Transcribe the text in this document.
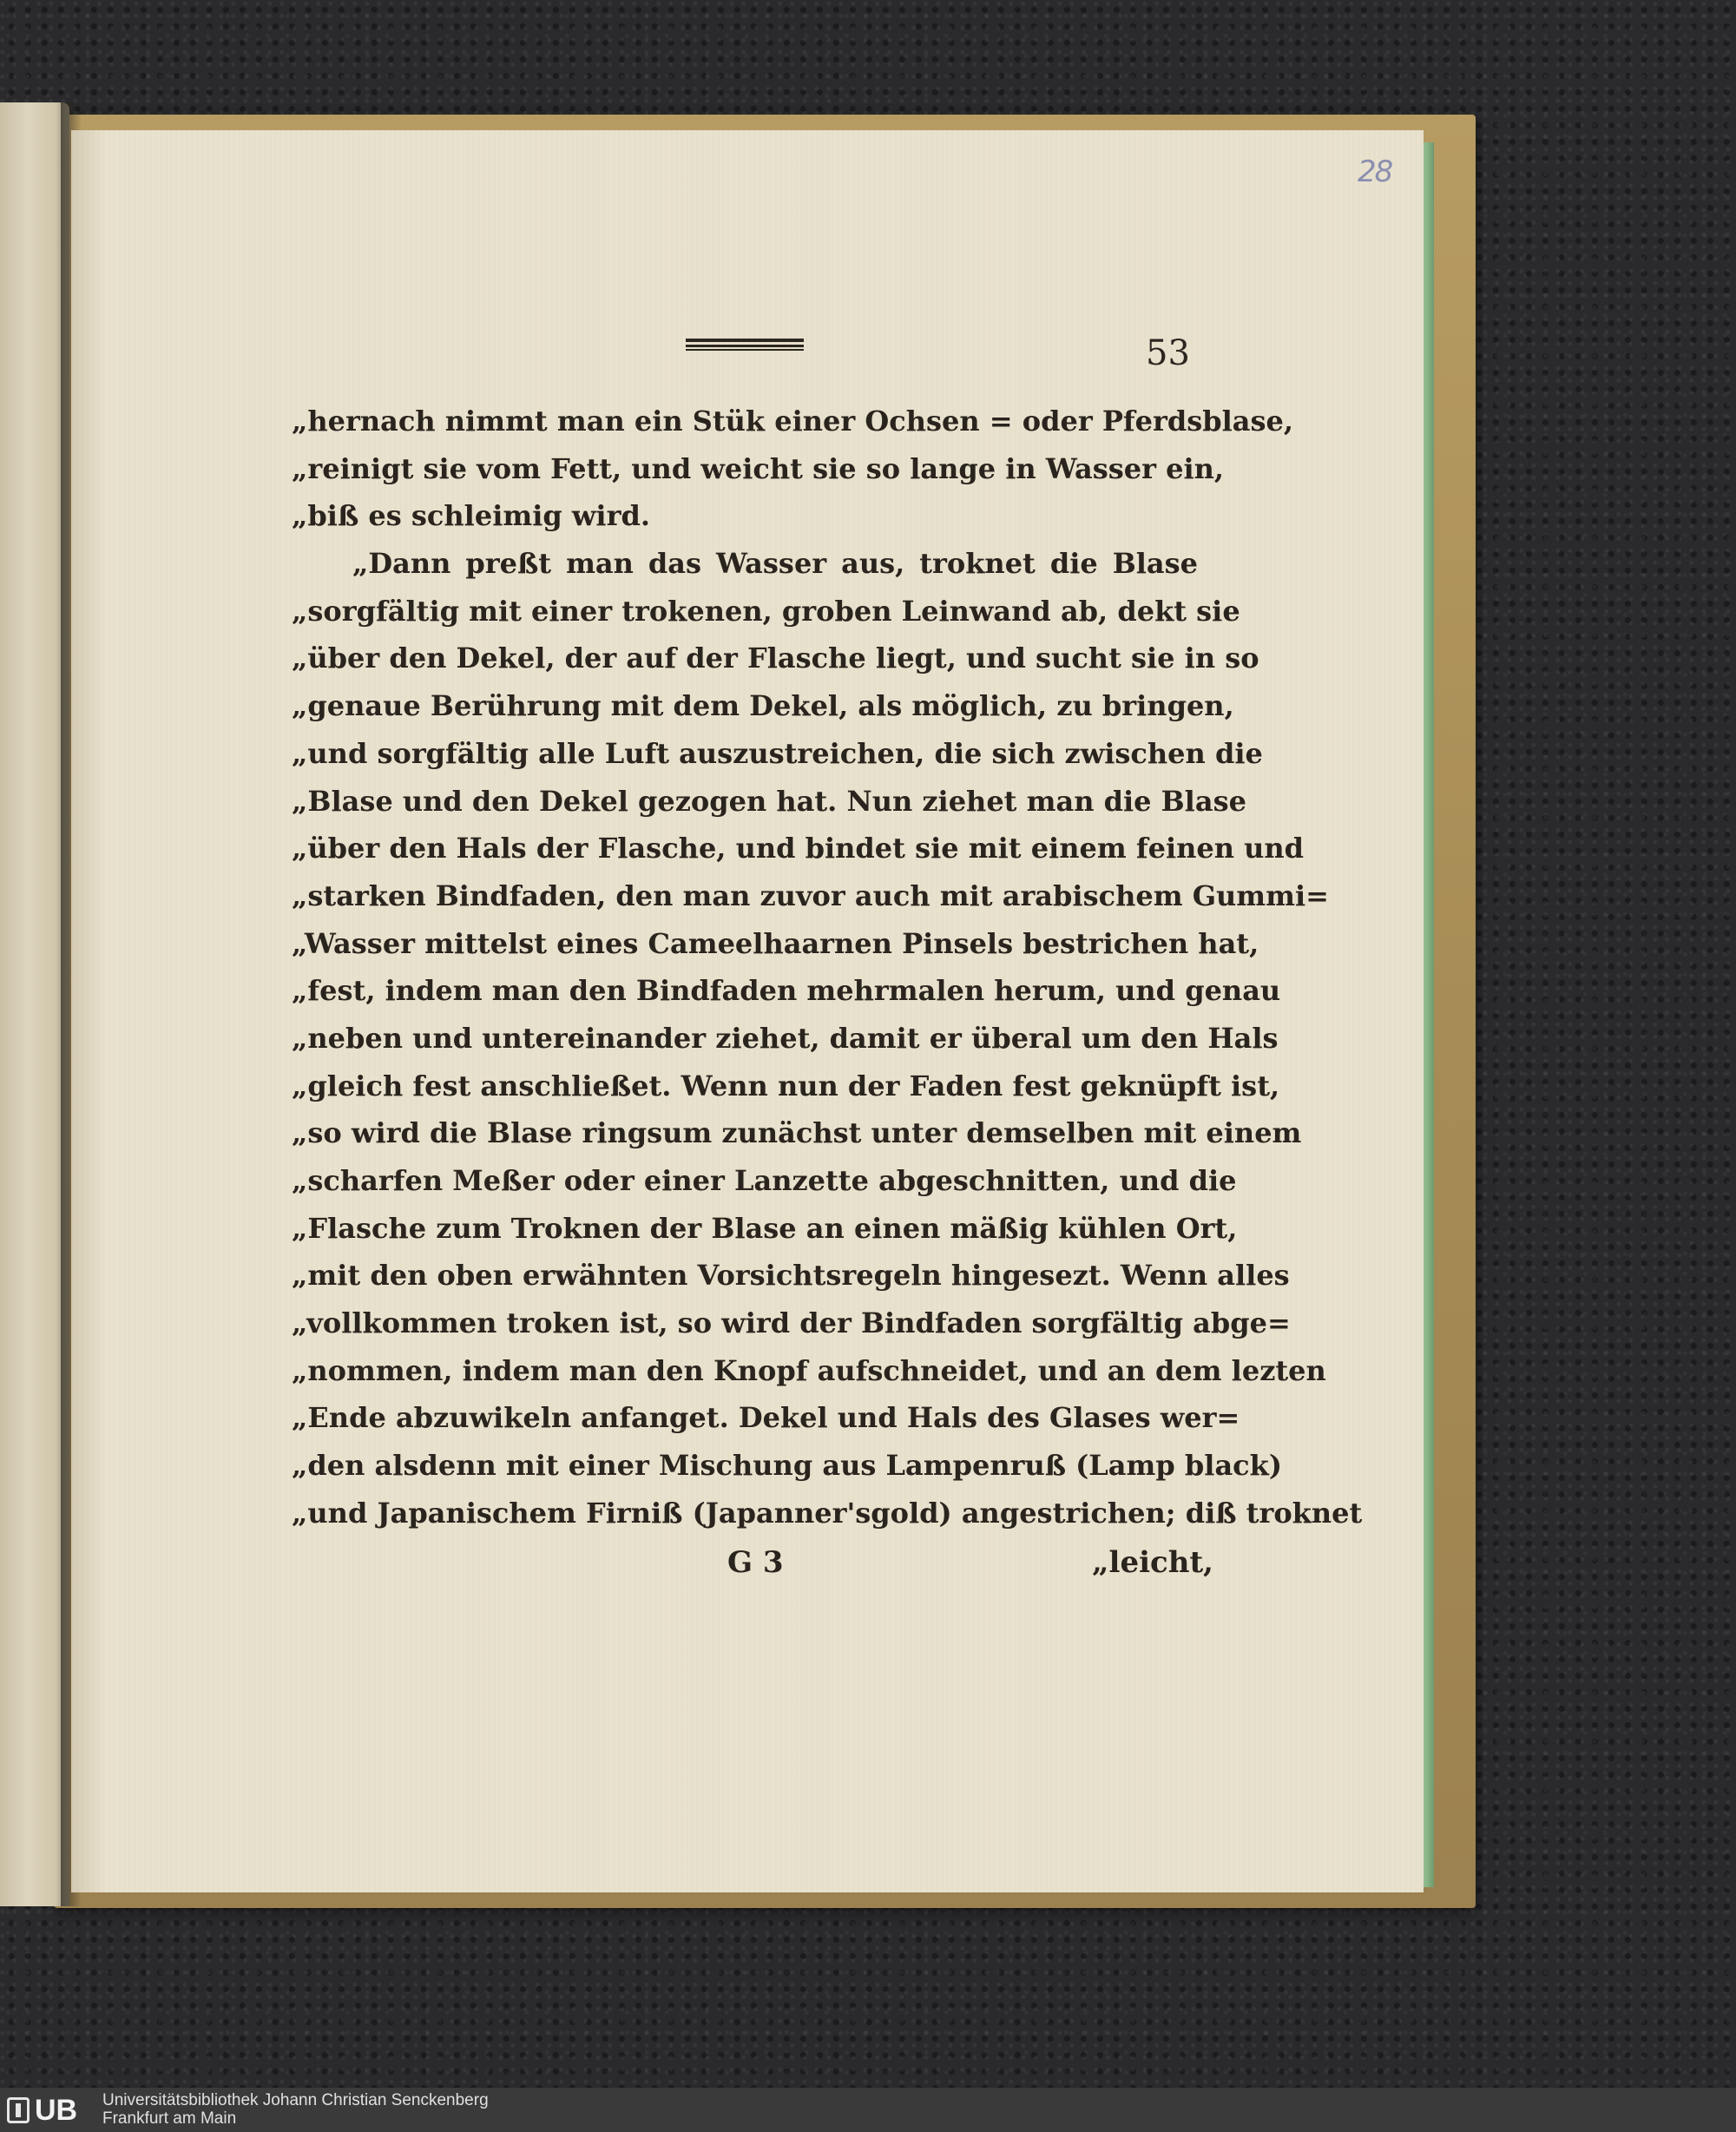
28
53
„hernach nimmt man ein Stük einer Ochsen = oder Pferdsblase,
„reinigt sie vom Fett, und weicht sie so lange in Wasser ein,
„biß es schleimig wird.
„Dann preßt man das Wasser aus, troknet die Blase
„sorgfältig mit einer trokenen, groben Leinwand ab, dekt sie
„über den Dekel, der auf der Flasche liegt, und sucht sie in so
„genaue Berührung mit dem Dekel, als möglich, zu bringen,
„und sorgfältig alle Luft auszustreichen, die sich zwischen die
„Blase und den Dekel gezogen hat. Nun ziehet man die Blase
„über den Hals der Flasche, und bindet sie mit einem feinen und
„starken Bindfaden, den man zuvor auch mit arabischem Gummi=
„Wasser mittelst eines Cameelhaarnen Pinsels bestrichen hat,
„fest, indem man den Bindfaden mehrmalen herum, und genau
„neben und untereinander ziehet, damit er überal um den Hals
„gleich fest anschließet. Wenn nun der Faden fest geknüpft ist,
„so wird die Blase ringsum zunächst unter demselben mit einem
„scharfen Meßer oder einer Lanzette abgeschnitten, und die
„Flasche zum Troknen der Blase an einen mäßig kühlen Ort,
„mit den oben erwähnten Vorsichtsregeln hingesezt. Wenn alles
„vollkommen troken ist, so wird der Bindfaden sorgfältig abge=
„nommen, indem man den Knopf aufschneidet, und an dem lezten
„Ende abzuwikeln anfanget. Dekel und Hals des Glases wer=
„den alsdenn mit einer Mischung aus Lampenruß (Lamp black)
„und Japanischem Firniß (Japanner'sgold) angestrichen; diß troknet
G 3	„leicht,
UB Universitätsbibliothek Johann Christian Senckenberg
Frankfurt am Main
